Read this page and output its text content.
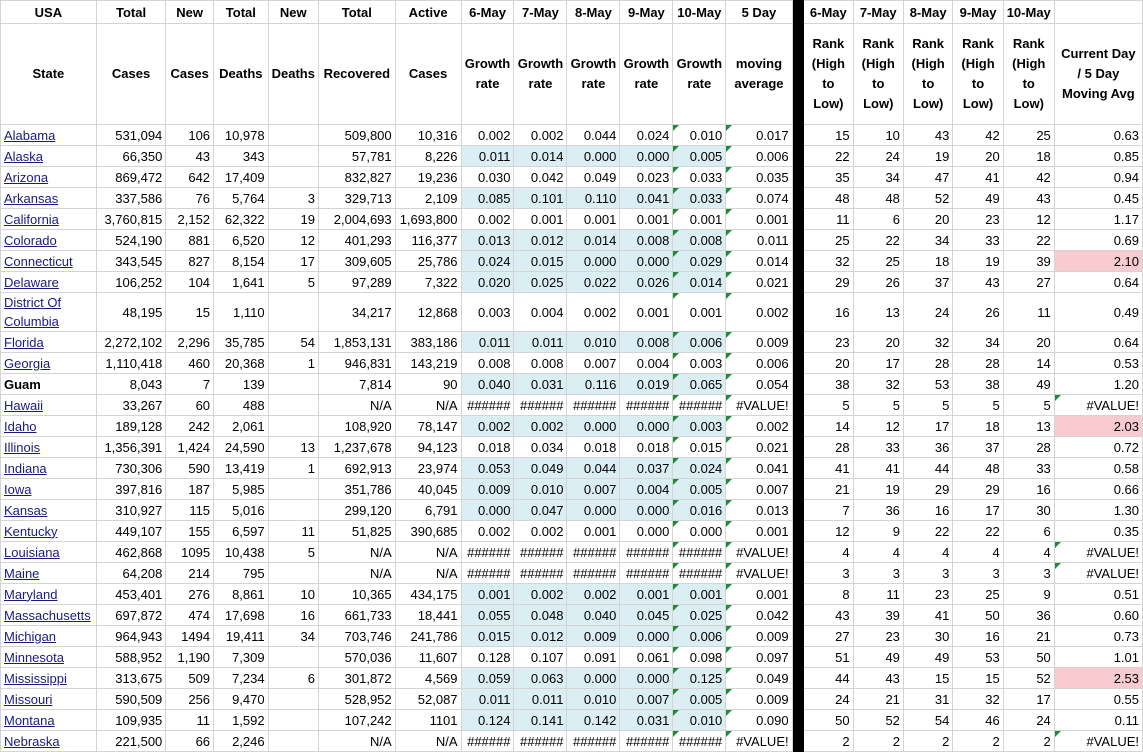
USA	Total	New	Total	New	Total	Active	6-May	7-May	8-May	9-May	10-May	5 Day		6-May	7-May	8-May	9-May	10-May	
State	Cases	Cases	Deaths	Deaths	Recovered	Cases	Growth rate	Growth rate	Growth rate	Growth rate	Growth rate	moving average		Rank (High to Low)	Rank (High to Low)	Rank (High to Low)	Rank (High to Low)	Rank (High to Low)	Current Day / 5 Day Moving Avg
Alabama	531,094	106	10,978		509,800	10,316	0.002	0.002	0.044	0.024	0.010	0.017		15	10	43	42	25	0.63
Alaska	66,350	43	343		57,781	8,226	0.011	0.014	0.000	0.000	0.005	0.006		22	24	19	20	18	0.85
Arizona	869,472	642	17,409		832,827	19,236	0.030	0.042	0.049	0.023	0.033	0.035		35	34	47	41	42	0.94
Arkansas	337,586	76	5,764	3	329,713	2,109	0.085	0.101	0.110	0.041	0.033	0.074		48	48	52	49	43	0.45
California	3,760,815	2,152	62,322	19	2,004,693	1,693,800	0.002	0.001	0.001	0.001	0.001	0.001		11	6	20	23	12	1.17
Colorado	524,190	881	6,520	12	401,293	116,377	0.013	0.012	0.014	0.008	0.008	0.011		25	22	34	33	22	0.69
Connecticut	343,545	827	8,154	17	309,605	25,786	0.024	0.015	0.000	0.000	0.029	0.014		32	25	18	19	39	2.10
Delaware	106,252	104	1,641	5	97,289	7,322	0.020	0.025	0.022	0.026	0.014	0.021		29	26	37	43	27	0.64
District Of Columbia	48,195	15	1,110		34,217	12,868	0.003	0.004	0.002	0.001	0.001	0.002		16	13	24	26	11	0.49
Florida	2,272,102	2,296	35,785	54	1,853,131	383,186	0.011	0.011	0.010	0.008	0.006	0.009		23	20	32	34	20	0.64
Georgia	1,110,418	460	20,368	1	946,831	143,219	0.008	0.008	0.007	0.004	0.003	0.006		20	17	28	28	14	0.53
Guam	8,043	7	139		7,814	90	0.040	0.031	0.116	0.019	0.065	0.054		38	32	53	38	49	1.20
Hawaii	33,267	60	488		N/A	N/A	######	######	######	######	######	#VALUE!		5	5	5	5	5	#VALUE!
Idaho	189,128	242	2,061		108,920	78,147	0.002	0.002	0.000	0.000	0.003	0.002		14	12	17	18	13	2.03
Illinois	1,356,391	1,424	24,590	13	1,237,678	94,123	0.018	0.034	0.018	0.018	0.015	0.021		28	33	36	37	28	0.72
Indiana	730,306	590	13,419	1	692,913	23,974	0.053	0.049	0.044	0.037	0.024	0.041		41	41	44	48	33	0.58
Iowa	397,816	187	5,985		351,786	40,045	0.009	0.010	0.007	0.004	0.005	0.007		21	19	29	29	16	0.66
Kansas	310,927	115	5,016		299,120	6,791	0.000	0.047	0.000	0.000	0.016	0.013		7	36	16	17	30	1.30
Kentucky	449,107	155	6,597	11	51,825	390,685	0.002	0.002	0.001	0.000	0.000	0.001		12	9	22	22	6	0.35
Louisiana	462,868	1095	10,438	5	N/A	N/A	######	######	######	######	######	#VALUE!		4	4	4	4	4	#VALUE!
Maine	64,208	214	795		N/A	N/A	######	######	######	######	######	#VALUE!		3	3	3	3	3	#VALUE!
Maryland	453,401	276	8,861	10	10,365	434,175	0.001	0.002	0.002	0.001	0.001	0.001		8	11	23	25	9	0.51
Massachusetts	697,872	474	17,698	16	661,733	18,441	0.055	0.048	0.040	0.045	0.025	0.042		43	39	41	50	36	0.60
Michigan	964,943	1494	19,411	34	703,746	241,786	0.015	0.012	0.009	0.000	0.006	0.009		27	23	30	16	21	0.73
Minnesota	588,952	1,190	7,309		570,036	11,607	0.128	0.107	0.091	0.061	0.098	0.097		51	49	49	53	50	1.01
Mississippi	313,675	509	7,234	6	301,872	4,569	0.059	0.063	0.000	0.000	0.125	0.049		44	43	15	15	52	2.53
Missouri	590,509	256	9,470		528,952	52,087	0.011	0.011	0.010	0.007	0.005	0.009		24	21	31	32	17	0.55
Montana	109,935	11	1,592		107,242	1101	0.124	0.141	0.142	0.031	0.010	0.090		50	52	54	46	24	0.11
Nebraska	221,500	66	2,246		N/A	N/A	######	######	######	######	######	#VALUE!		2	2	2	2	2	#VALUE!
